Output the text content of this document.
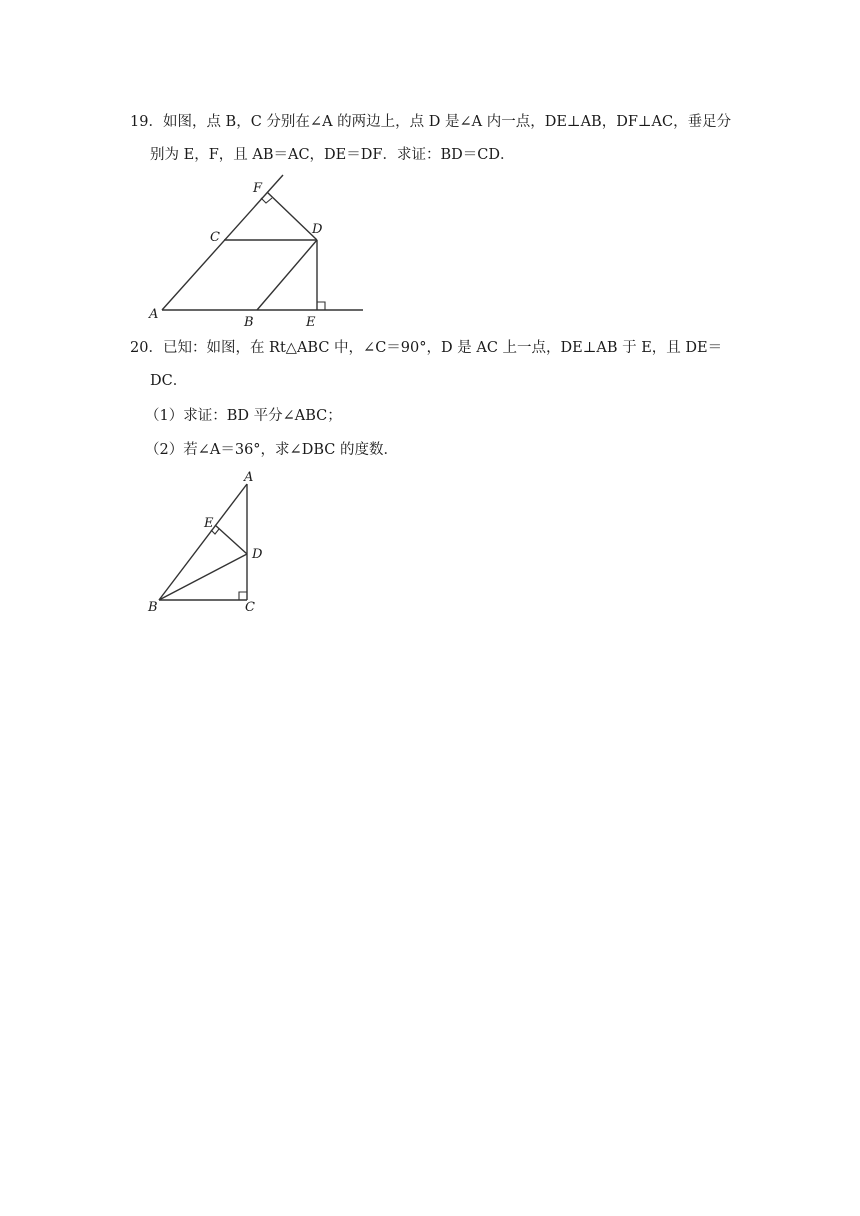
19．如图，点 B，C 分别在∠A 的两边上，点 D 是∠A 内一点，DE⊥AB，DF⊥AC，垂足分
别为 E，F，且 AB＝AC，DE＝DF．求证：BD＝CD．
A
B
C
D
E
F
20．已知：如图，在 Rt△ABC 中，∠C＝90°，D 是 AC 上一点，DE⊥AB 于 E，且 DE＝
DC．
（1）求证：BD 平分∠ABC；
（2）若∠A＝36°，求∠DBC 的度数．
A
B	C
D
E
